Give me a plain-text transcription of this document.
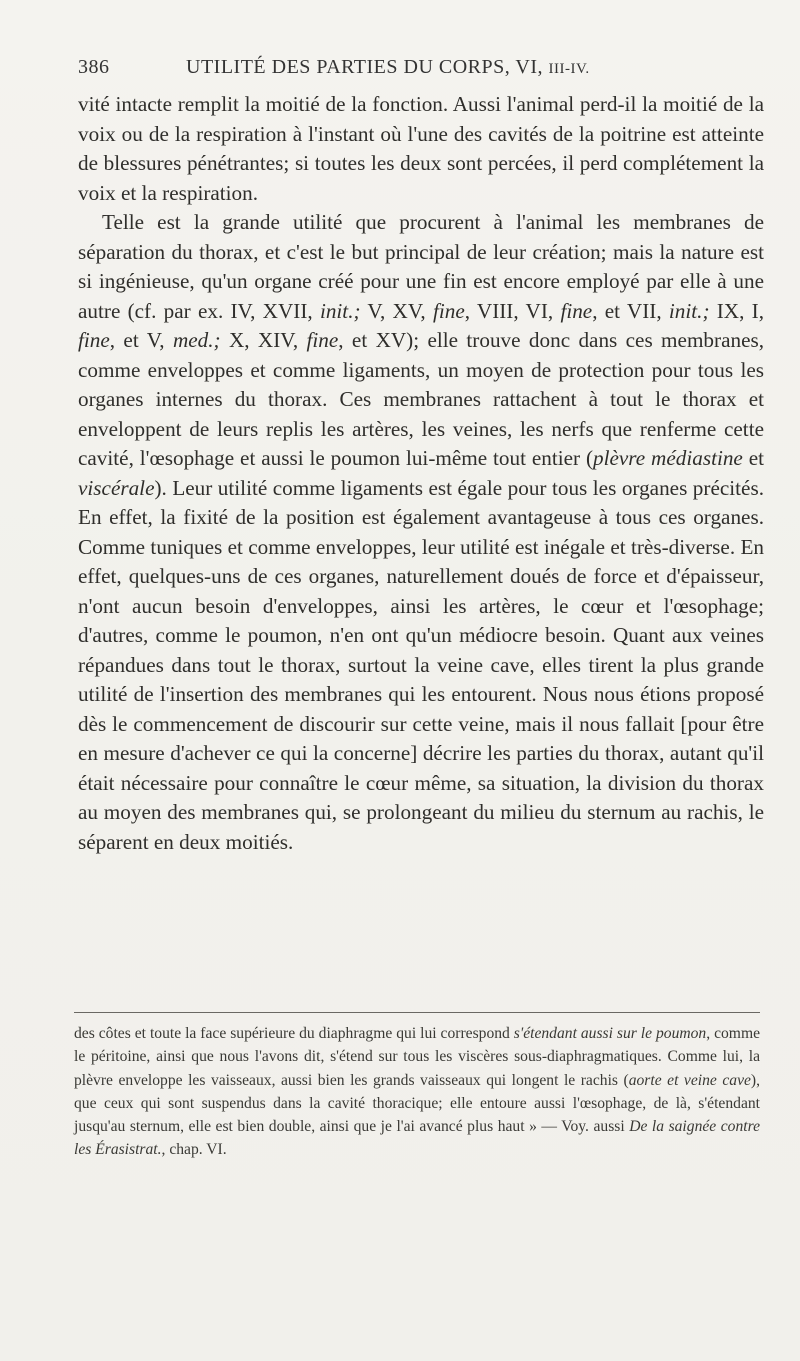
386	UTILITÉ DES PARTIES DU CORPS, VI, III-IV.

vité intacte remplit la moitié de la fonction. Aussi l'animal perd-il la moitié de la voix ou de la respiration à l'instant où l'une des cavités de la poitrine est atteinte de blessures pénétrantes; si toutes les deux sont percées, il perd complétement la voix et la respiration.

Telle est la grande utilité que procurent à l'animal les membranes de séparation du thorax, et c'est le but principal de leur création; mais la nature est si ingénieuse, qu'un organe créé pour une fin est encore employé par elle à une autre (cf. par ex. IV, XVII, init.; V, XV, fine, VIII, VI, fine, et VII, init.; IX, I, fine, et V, med.; X, XIV, fine, et XV); elle trouve donc dans ces membranes, comme enveloppes et comme ligaments, un moyen de protection pour tous les organes internes du thorax. Ces membranes rattachent à tout le thorax et enveloppent de leurs replis les artères, les veines, les nerfs que renferme cette cavité, l'œsophage et aussi le poumon lui-même tout entier (plèvre médiastine et viscérale). Leur utilité comme ligaments est égale pour tous les organes précités. En effet, la fixité de la position est également avantageuse à tous ces organes. Comme tuniques et comme enveloppes, leur utilité est inégale et très-diverse. En effet, quelques-uns de ces organes, naturellement doués de force et d'épaisseur, n'ont aucun besoin d'enveloppes, ainsi les artères, le cœur et l'œsophage; d'autres, comme le poumon, n'en ont qu'un médiocre besoin. Quant aux veines répandues dans tout le thorax, surtout la veine cave, elles tirent la plus grande utilité de l'insertion des membranes qui les entourent. Nous nous étions proposé dès le commencement de discourir sur cette veine, mais il nous fallait [pour être en mesure d'achever ce qui la concerne] décrire les parties du thorax, autant qu'il était nécessaire pour connaître le cœur même, sa situation, la division du thorax au moyen des membranes qui, se prolongeant du milieu du sternum au rachis, le séparent en deux moitiés.

des côtes et toute la face supérieure du diaphragme qui lui correspond s'étendant aussi sur le poumon, comme le péritoine, ainsi que nous l'avons dit, s'étend sur tous les viscères sous-diaphragmatiques. Comme lui, la plèvre enveloppe les vaisseaux, aussi bien les grands vaisseaux qui longent le rachis (aorte et veine cave), que ceux qui sont suspendus dans la cavité thoracique; elle entoure aussi l'œsophage, de là, s'étendant jusqu'au sternum, elle est bien double, ainsi que je l'ai avancé plus haut » — Voy. aussi De la saignée contre les Érasistrat., chap. VI.
